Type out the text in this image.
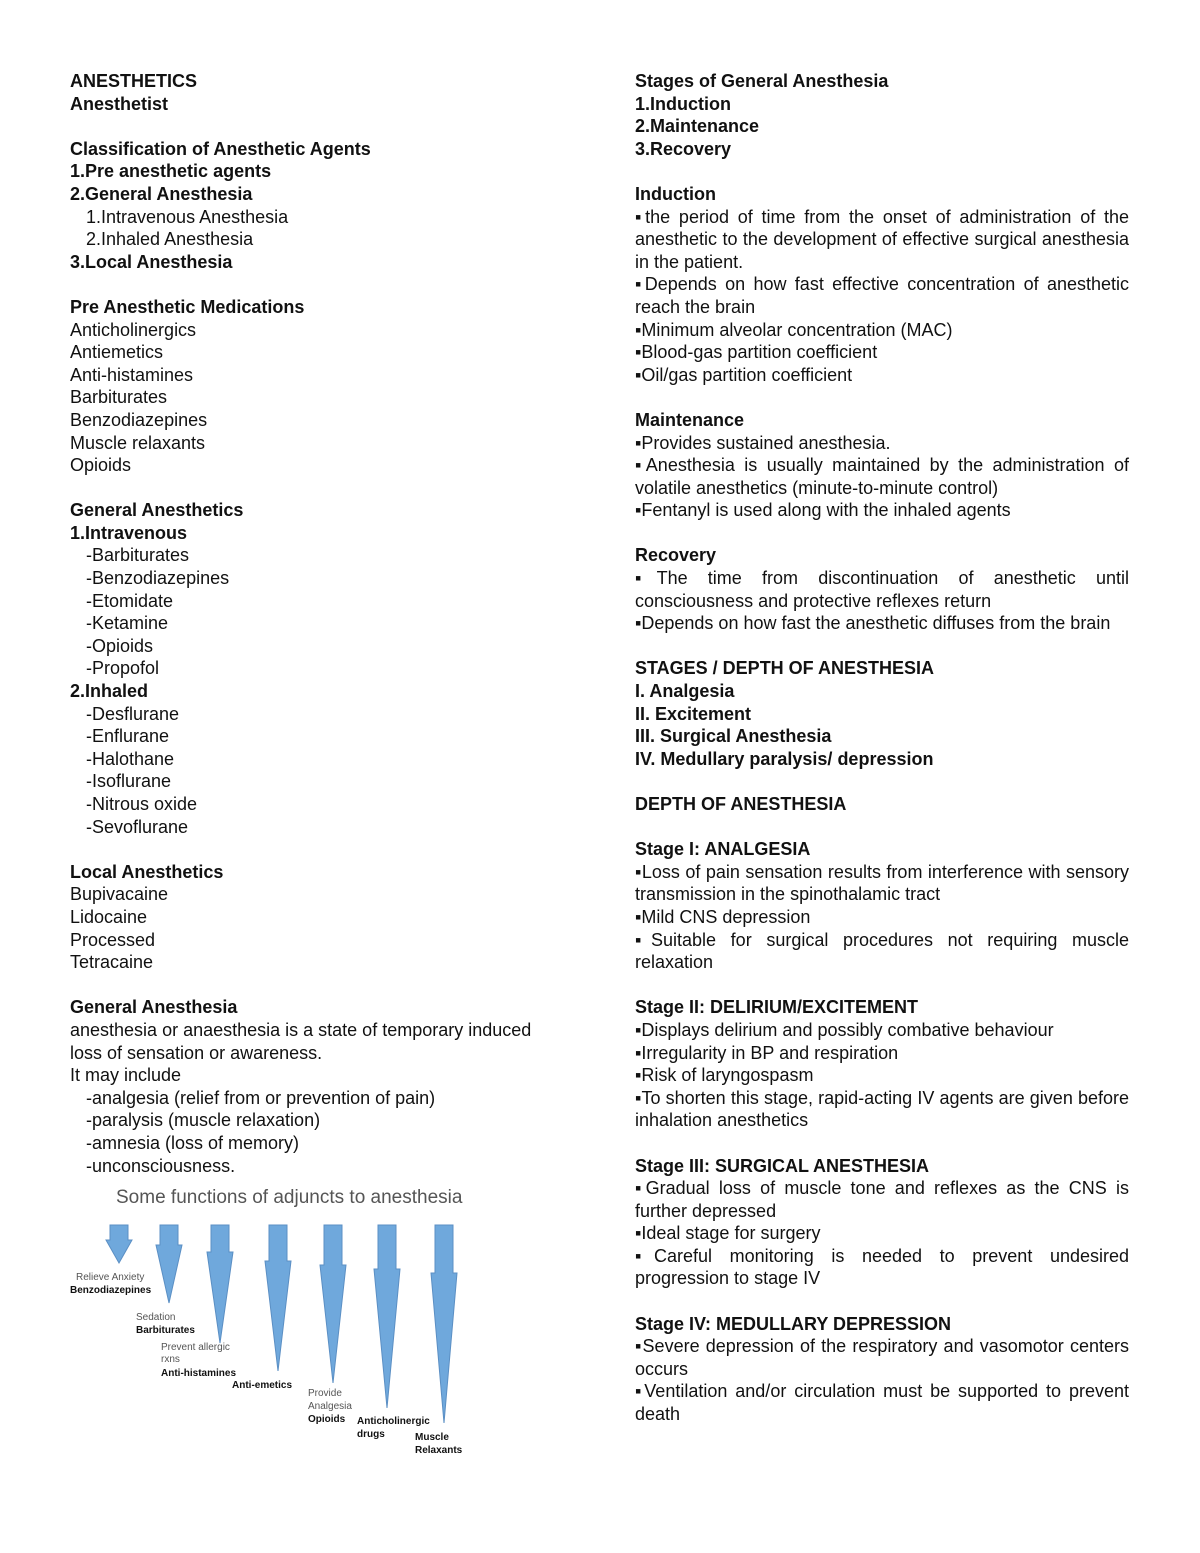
ANESTHETICS
Anesthetist
Classification of Anesthetic Agents
1.Pre anesthetic agents
2.General Anesthesia
1.Intravenous Anesthesia
2.Inhaled Anesthesia
3.Local Anesthesia
Pre Anesthetic Medications
Anticholinergics
Antiemetics
Anti-histamines
Barbiturates
Benzodiazepines
Muscle relaxants
Opioids
General Anesthetics
1.Intravenous
-Barbiturates
-Benzodiazepines
-Etomidate
-Ketamine
-Opioids
-Propofol
2.Inhaled
-Desflurane
-Enflurane
-Halothane
-Isoflurane
-Nitrous oxide
-Sevoflurane
Local Anesthetics
Bupivacaine
Lidocaine
Processed
Tetracaine
General Anesthesia
anesthesia or anaesthesia is a state of temporary induced
loss of sensation or awareness.
It may include
-analgesia (relief from or prevention of pain)
-paralysis (muscle relaxation)
-amnesia (loss of memory)
-unconsciousness.
Some functions of adjuncts to anesthesia
Relieve Anxiety
Benzodiazepines
Sedation
Barbiturates
Prevent allergic
rxns
Anti-histamines
Anti-emetics
Provide
Analgesia
Opioids Anticholinergic
drugs	Muscle
Relaxants
Stages of General Anesthesia
1.Induction
2.Maintenance
3.Recovery
Induction
▪the period of time from the onset of administration of the anesthetic to the development of effective surgical anesthesia in the patient.
▪Depends on how fast effective concentration of anesthetic reach the brain
▪Minimum alveolar concentration (MAC)
▪Blood-gas partition coefficient
▪Oil/gas partition coefficient
Maintenance
▪Provides sustained anesthesia.
▪Anesthesia is usually maintained by the administration of volatile anesthetics (minute-to-minute control)
▪Fentanyl is used along with the inhaled agents
Recovery
▪The time from discontinuation of anesthetic until consciousness and protective reflexes return
▪Depends on how fast the anesthetic diffuses from the brain
STAGES / DEPTH OF ANESTHESIA
I. Analgesia
II. Excitement
III. Surgical Anesthesia
IV. Medullary paralysis/ depression
DEPTH OF ANESTHESIA
Stage I: ANALGESIA
▪Loss of pain sensation results from interference with sensory transmission in the spinothalamic tract
▪Mild CNS depression
▪Suitable for surgical procedures not requiring muscle relaxation
Stage II: DELIRIUM/EXCITEMENT
▪Displays delirium and possibly combative behaviour
▪Irregularity in BP and respiration
▪Risk of laryngospasm
▪To shorten this stage, rapid-acting IV agents are given before inhalation anesthetics
Stage III: SURGICAL ANESTHESIA
▪Gradual loss of muscle tone and reflexes as the CNS is further depressed
▪Ideal stage for surgery
▪Careful monitoring is needed to prevent undesired progression to stage IV
Stage IV: MEDULLARY DEPRESSION
▪Severe depression of the respiratory and vasomotor centers occurs
▪Ventilation and/or circulation must be supported to prevent death
